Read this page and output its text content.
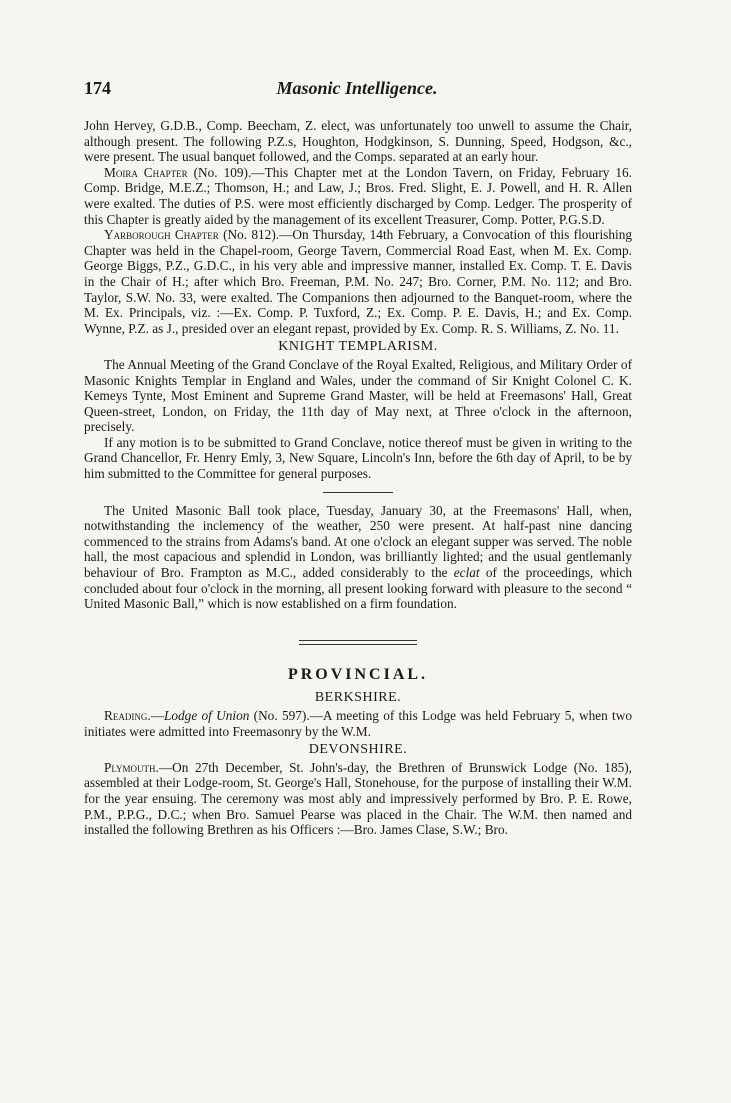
174	Masonic Intelligence.

John Hervey, G.D.B., Comp. Beecham, Z. elect, was unfortunately too unwell to assume the Chair, although present. The following P.Z.s, Houghton, Hodgkinson, S. Dunning, Speed, Hodgson, &c., were present. The usual banquet followed, and the Comps. separated at an early hour.

Moira Chapter (No. 109).—This Chapter met at the London Tavern, on Friday, February 16. Comp. Bridge, M.E.Z.; Thomson, H.; and Law, J.; Bros. Fred. Slight, E. J. Powell, and H. R. Allen were exalted. The duties of P.S. were most efficiently discharged by Comp. Ledger. The prosperity of this Chapter is greatly aided by the management of its excellent Treasurer, Comp. Potter, P.G.S.D.

Yarborough Chapter (No. 812).—On Thursday, 14th February, a Convocation of this flourishing Chapter was held in the Chapel-room, George Tavern, Commercial Road East, when M. Ex. Comp. George Biggs, P.Z., G.D.C., in his very able and impressive manner, installed Ex. Comp. T. E. Davis in the Chair of H.; after which Bro. Freeman, P.M. No. 247; Bro. Corner, P.M. No. 112; and Bro. Taylor, S.W. No. 33, were exalted. The Companions then adjourned to the Banquet-room, where the M. Ex. Principals, viz. :—Ex. Comp. P. Tuxford, Z.; Ex. Comp. P. E. Davis, H.; and Ex. Comp. Wynne, P.Z. as J., presided over an elegant repast, provided by Ex. Comp. R. S. Williams, Z. No. 11.

KNIGHT TEMPLARISM.

The Annual Meeting of the Grand Conclave of the Royal Exalted, Religious, and Military Order of Masonic Knights Templar in England and Wales, under the command of Sir Knight Colonel C. K. Kemeys Tynte, Most Eminent and Supreme Grand Master, will be held at Freemasons' Hall, Great Queen-street, London, on Friday, the 11th day of May next, at Three o'clock in the afternoon, precisely.

If any motion is to be submitted to Grand Conclave, notice thereof must be given in writing to the Grand Chancellor, Fr. Henry Emly, 3, New Square, Lincoln's Inn, before the 6th day of April, to be by him submitted to the Committee for general purposes.

The United Masonic Ball took place, Tuesday, January 30, at the Freemasons' Hall, when, notwithstanding the inclemency of the weather, 250 were present. At half-past nine dancing commenced to the strains from Adams's band. At one o'clock an elegant supper was served. The noble hall, the most capacious and splendid in London, was brilliantly lighted; and the usual gentlemanly behaviour of Bro. Frampton as M.C., added considerably to the eclat of the proceedings, which concluded about four o'clock in the morning, all present looking forward with pleasure to the second “ United Masonic Ball,” which is now established on a firm foundation.

PROVINCIAL.
BERKSHIRE.

Reading.—Lodge of Union (No. 597).—A meeting of this Lodge was held February 5, when two initiates were admitted into Freemasonry by the W.M.

DEVONSHIRE.

Plymouth.—On 27th December, St. John's-day, the Brethren of Brunswick Lodge (No. 185), assembled at their Lodge-room, St. George's Hall, Stonehouse, for the purpose of installing their W.M. for the year ensuing. The ceremony was most ably and impressively performed by Bro. P. E. Rowe, P.M., P.P.G., D.C.; when Bro. Samuel Pearse was placed in the Chair. The W.M. then named and installed the following Brethren as his Officers :—Bro. James Clase, S.W.; Bro.
